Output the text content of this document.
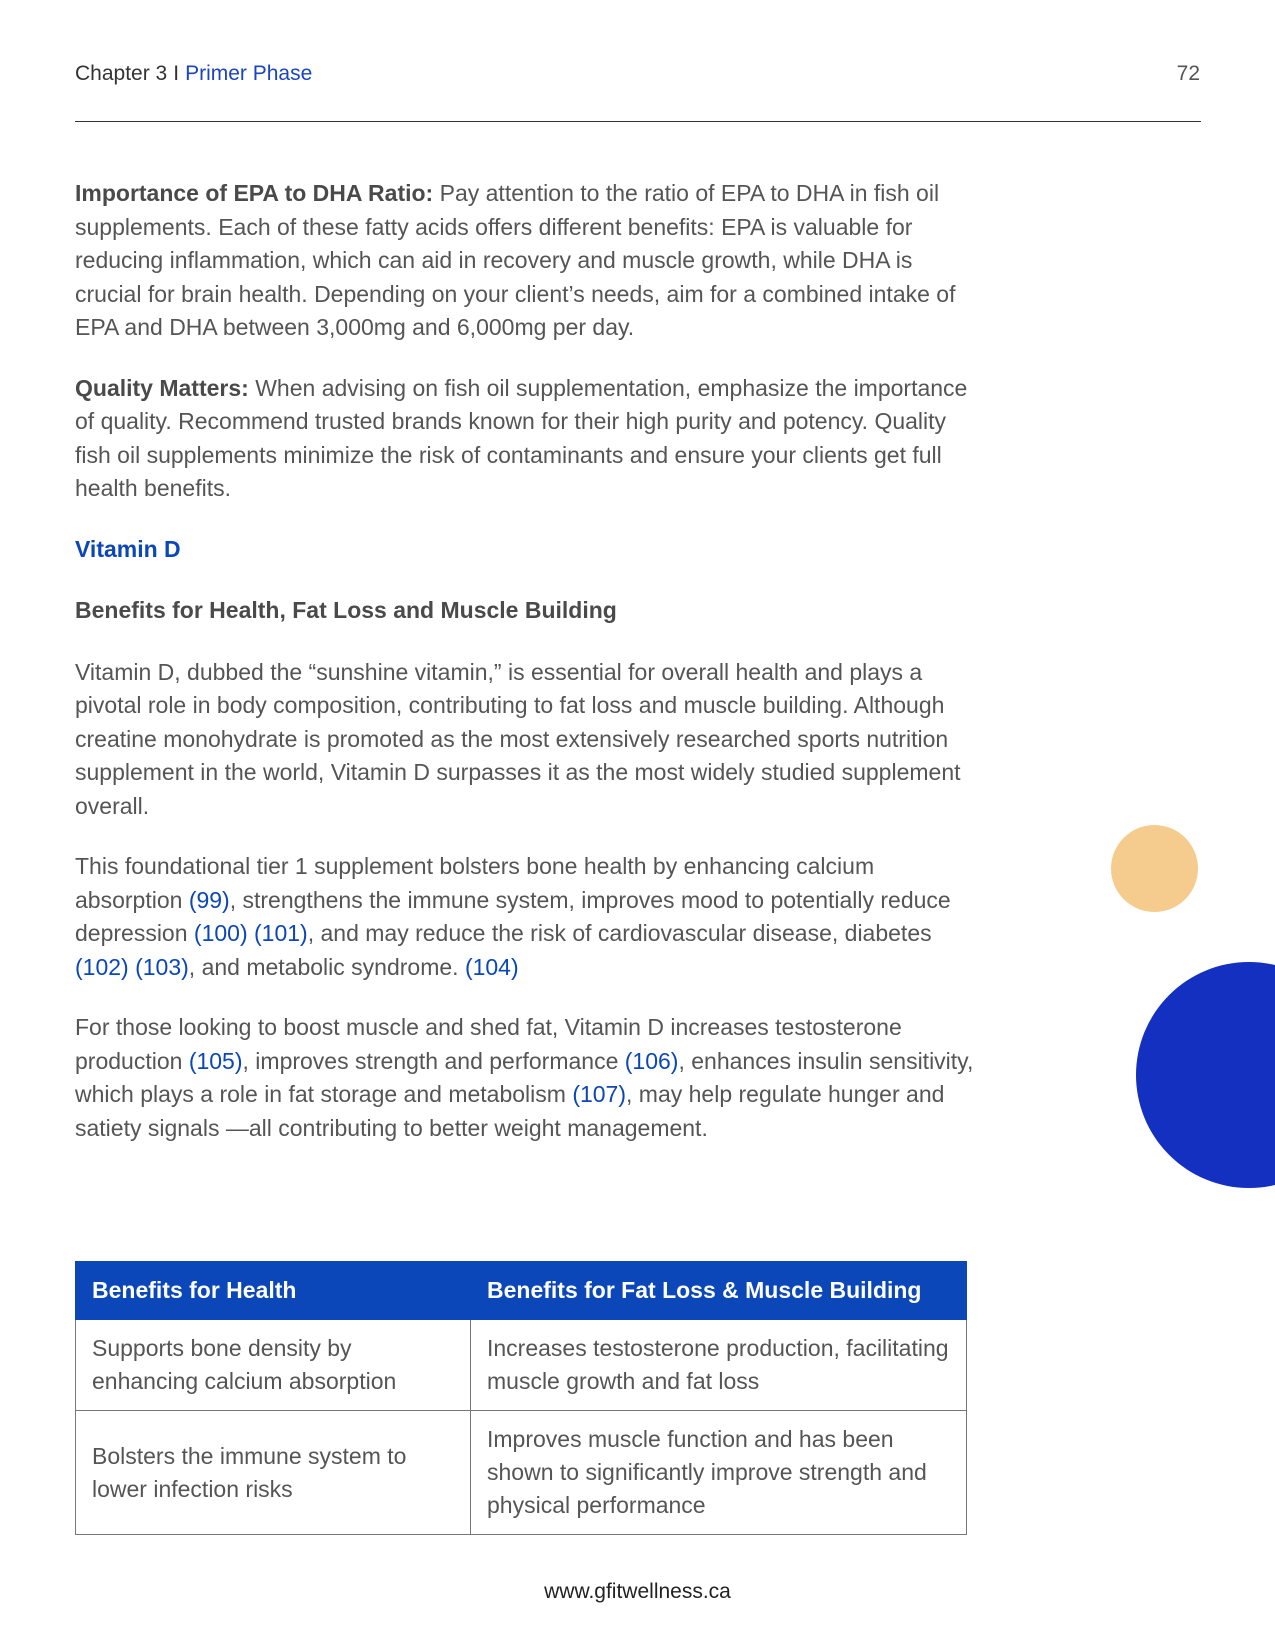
Chapter 3 I Primer Phase	72

Importance of EPA to DHA Ratio: Pay attention to the ratio of EPA to DHA in fish oil supplements. Each of these fatty acids offers different benefits: EPA is valuable for reducing inflammation, which can aid in recovery and muscle growth, while DHA is crucial for brain health. Depending on your client’s needs, aim for a combined intake of EPA and DHA between 3,000mg and 6,000mg per day.

Quality Matters: When advising on fish oil supplementation, emphasize the importance of quality. Recommend trusted brands known for their high purity and potency. Quality fish oil supplements minimize the risk of contaminants and ensure your clients get full health benefits.

Vitamin D
Benefits for Health, Fat Loss and Muscle Building

Vitamin D, dubbed the “sunshine vitamin,” is essential for overall health and plays a pivotal role in body composition, contributing to fat loss and muscle building. Although creatine monohydrate is promoted as the most extensively researched sports nutrition supplement in the world, Vitamin D surpasses it as the most widely studied supplement overall.

This foundational tier 1 supplement bolsters bone health by enhancing calcium absorption (99), strengthens the immune system, improves mood to potentially reduce depression (100) (101), and may reduce the risk of cardiovascular disease, diabetes (102) (103), and metabolic syndrome. (104)

For those looking to boost muscle and shed fat, Vitamin D increases testosterone production (105), improves strength and performance (106), enhances insulin sensitivity, which plays a role in fat storage and metabolism (107), may help regulate hunger and satiety signals —all contributing to better weight management.

Benefits for Health	Benefits for Fat Loss & Muscle Building
Supports bone density by enhancing calcium absorption	Increases testosterone production, facilitating muscle growth and fat loss
Bolsters the immune system to lower infection risks	Improves muscle function and has been shown to significantly improve strength and physical performance
www.gfitwellness.ca
